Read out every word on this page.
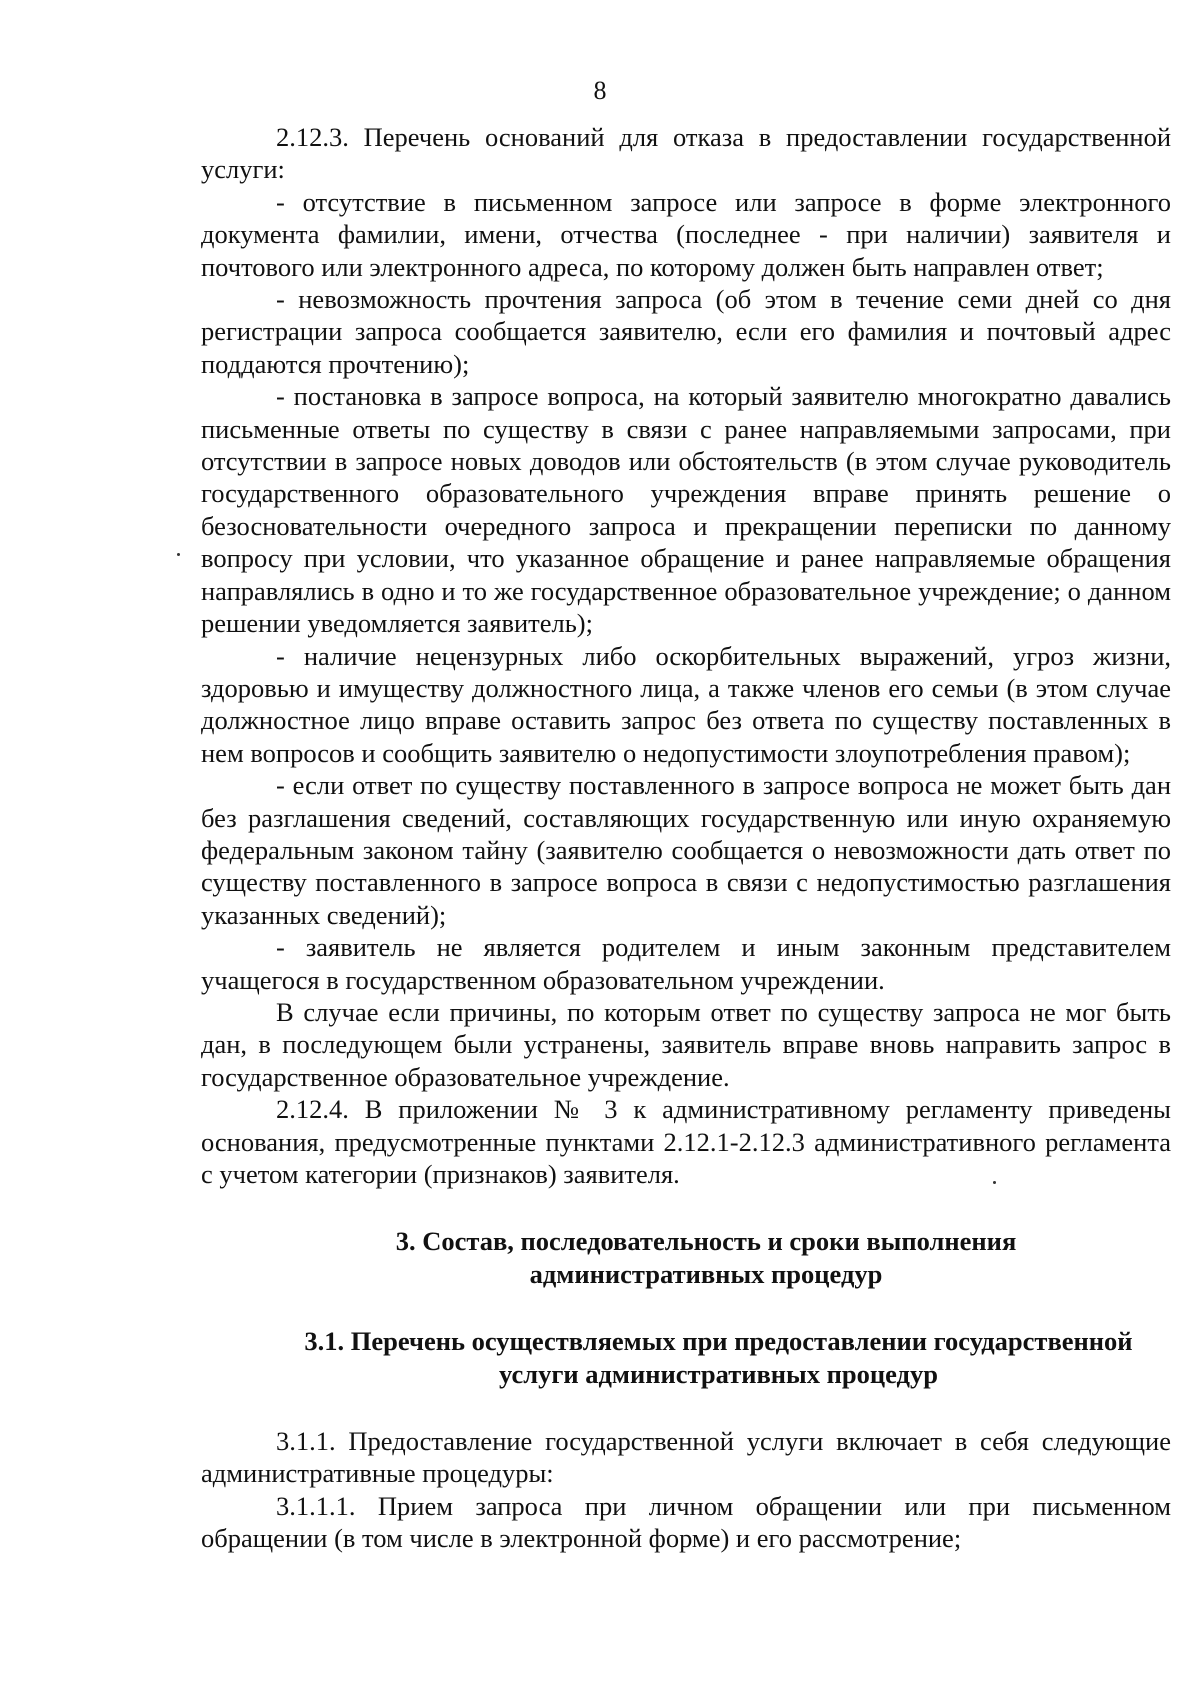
8

2.12.3. Перечень оснований для отказа в предоставлении государственной услуги:

- отсутствие в письменном запросе или запросе в форме электронного документа фамилии, имени, отчества (последнее - при наличии) заявителя и почтового или электронного адреса, по которому должен быть направлен ответ;

- невозможность прочтения запроса (об этом в течение семи дней со дня регистрации запроса сообщается заявителю, если его фамилия и почтовый адрес поддаются прочтению);

- постановка в запросе вопроса, на который заявителю многократно давались письменные ответы по существу в связи с ранее направляемыми запросами, при отсутствии в запросе новых доводов или обстоятельств (в этом случае руководитель государственного образовательного учреждения вправе принять решение о безосновательности очередного запроса и прекращении переписки по данному вопросу при условии, что указанное обращение и ранее направляемые обращения направлялись в одно и то же государственное образовательное учреждение; о данном решении уведомляется заявитель);

- наличие нецензурных либо оскорбительных выражений, угроз жизни, здоровью и имуществу должностного лица, а также членов его семьи (в этом случае должностное лицо вправе оставить запрос без ответа по существу поставленных в нем вопросов и сообщить заявителю о недопустимости злоупотребления правом);

- если ответ по существу поставленного в запросе вопроса не может быть дан без разглашения сведений, составляющих государственную или иную охраняемую федеральным законом тайну (заявителю сообщается о невозможности дать ответ по существу поставленного в запросе вопроса в связи с недопустимостью разглашения указанных сведений);

- заявитель не является родителем и иным законным представителем учащегося в государственном образовательном учреждении.

В случае если причины, по которым ответ по существу запроса не мог быть дан, в последующем были устранены, заявитель вправе вновь направить запрос в государственное образовательное учреждение.

2.12.4. В приложении № 3 к административному регламенту приведены основания, предусмотренные пунктами 2.12.1-2.12.3 административного регламента с учетом категории (признаков) заявителя.

3. Состав, последовательность и сроки выполнения
административных процедур
3.1. Перечень осуществляемых при предоставлении государственной
услуги административных процедур

3.1.1. Предоставление государственной услуги включает в себя следующие административные процедуры:

3.1.1.1. Прием запроса при личном обращении или при письменном обращении (в том числе в электронной форме) и его рассмотрение;
